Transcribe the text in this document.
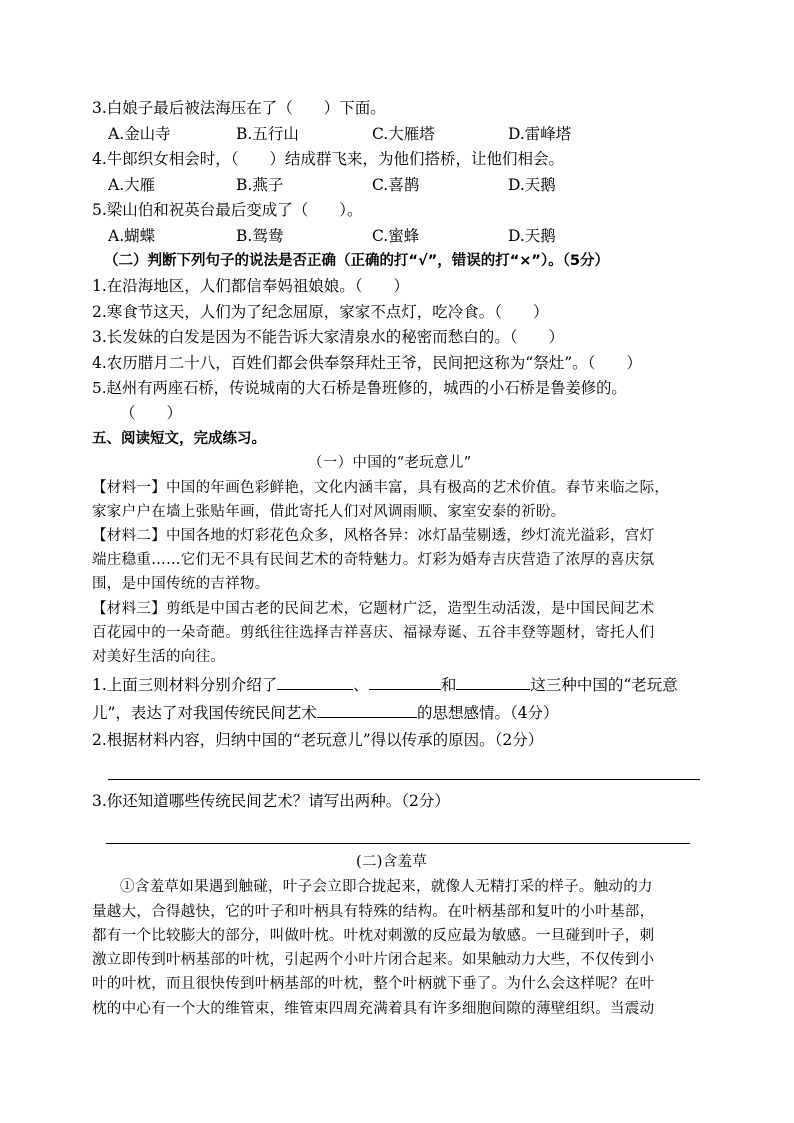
3.白娘子最后被法海压在了（　　）下面。
A.金山寺	B.五行山	C.大雁塔	D.雷峰塔
4.牛郎织女相会时，（　　）结成群飞来，为他们搭桥，让他们相会。
A.大雁	B.燕子	C.喜鹊	D.天鹅
5.梁山伯和祝英台最后变成了（　　）。
A.蝴蝶	B.鸳鸯	C.蜜蜂	D.天鹅
（二）判断下列句子的说法是否正确（正确的打“√”，错误的打“×”）。（5分）
1.在沿海地区，人们都信奉妈祖娘娘。（　　）
2.寒食节这天，人们为了纪念屈原，家家不点灯，吃冷食。（　　）
3.长发妹的白发是因为不能告诉大家清泉水的秘密而愁白的。（　　）
4.农历腊月二十八，百姓们都会供奉祭拜灶王爷，民间把这称为“祭灶”。（　　）
5.赵州有两座石桥，传说城南的大石桥是鲁班修的，城西的小石桥是鲁姜修的。
（　　）
五、阅读短文，完成练习。
（一）中国的“老玩意儿”
【材料一】中国的年画色彩鲜艳，文化内涵丰富，具有极高的艺术价值。春节来临之际，
家家户户在墙上张贴年画，借此寄托人们对风调雨顺、家室安泰的祈盼。
【材料二】中国各地的灯彩花色众多，风格各异：冰灯晶莹剔透，纱灯流光溢彩，宫灯
端庄稳重……它们无不具有民间艺术的奇特魅力。灯彩为婚寿吉庆营造了浓厚的喜庆氛
围，是中国传统的吉祥物。
【材料三】剪纸是中国古老的民间艺术，它题材广泛，造型生动活泼，是中国民间艺术
百花园中的一朵奇葩。剪纸往往选择吉祥喜庆、福禄寿诞、五谷丰登等题材，寄托人们
对美好生活的向往。
1.上面三则材料分别介绍了	、	和	这三种中国的“老玩意
儿”，表达了对我国传统民间艺术	的思想感情。（4分）
2.根据材料内容，归纳中国的“老玩意儿”得以传承的原因。（2分）
3.你还知道哪些传统民间艺术？请写出两种。（2分）
(二)含羞草
①含羞草如果遇到触碰，叶子会立即合拢起来，就像人无精打采的样子。触动的力
量越大，合得越快，它的叶子和叶柄具有特殊的结构。在叶柄基部和复叶的小叶基部，
都有一个比较膨大的部分，叫做叶枕。叶枕对刺激的反应最为敏感。一旦碰到叶子，刺
激立即传到叶柄基部的叶枕，引起两个小叶片闭合起来。如果触动力大些，不仅传到小
叶的叶枕，而且很快传到叶柄基部的叶枕，整个叶柄就下垂了。为什么会这样呢？在叶
枕的中心有一个大的维管束，维管束四周充满着具有许多细胞间隙的薄壁组织。当震动
